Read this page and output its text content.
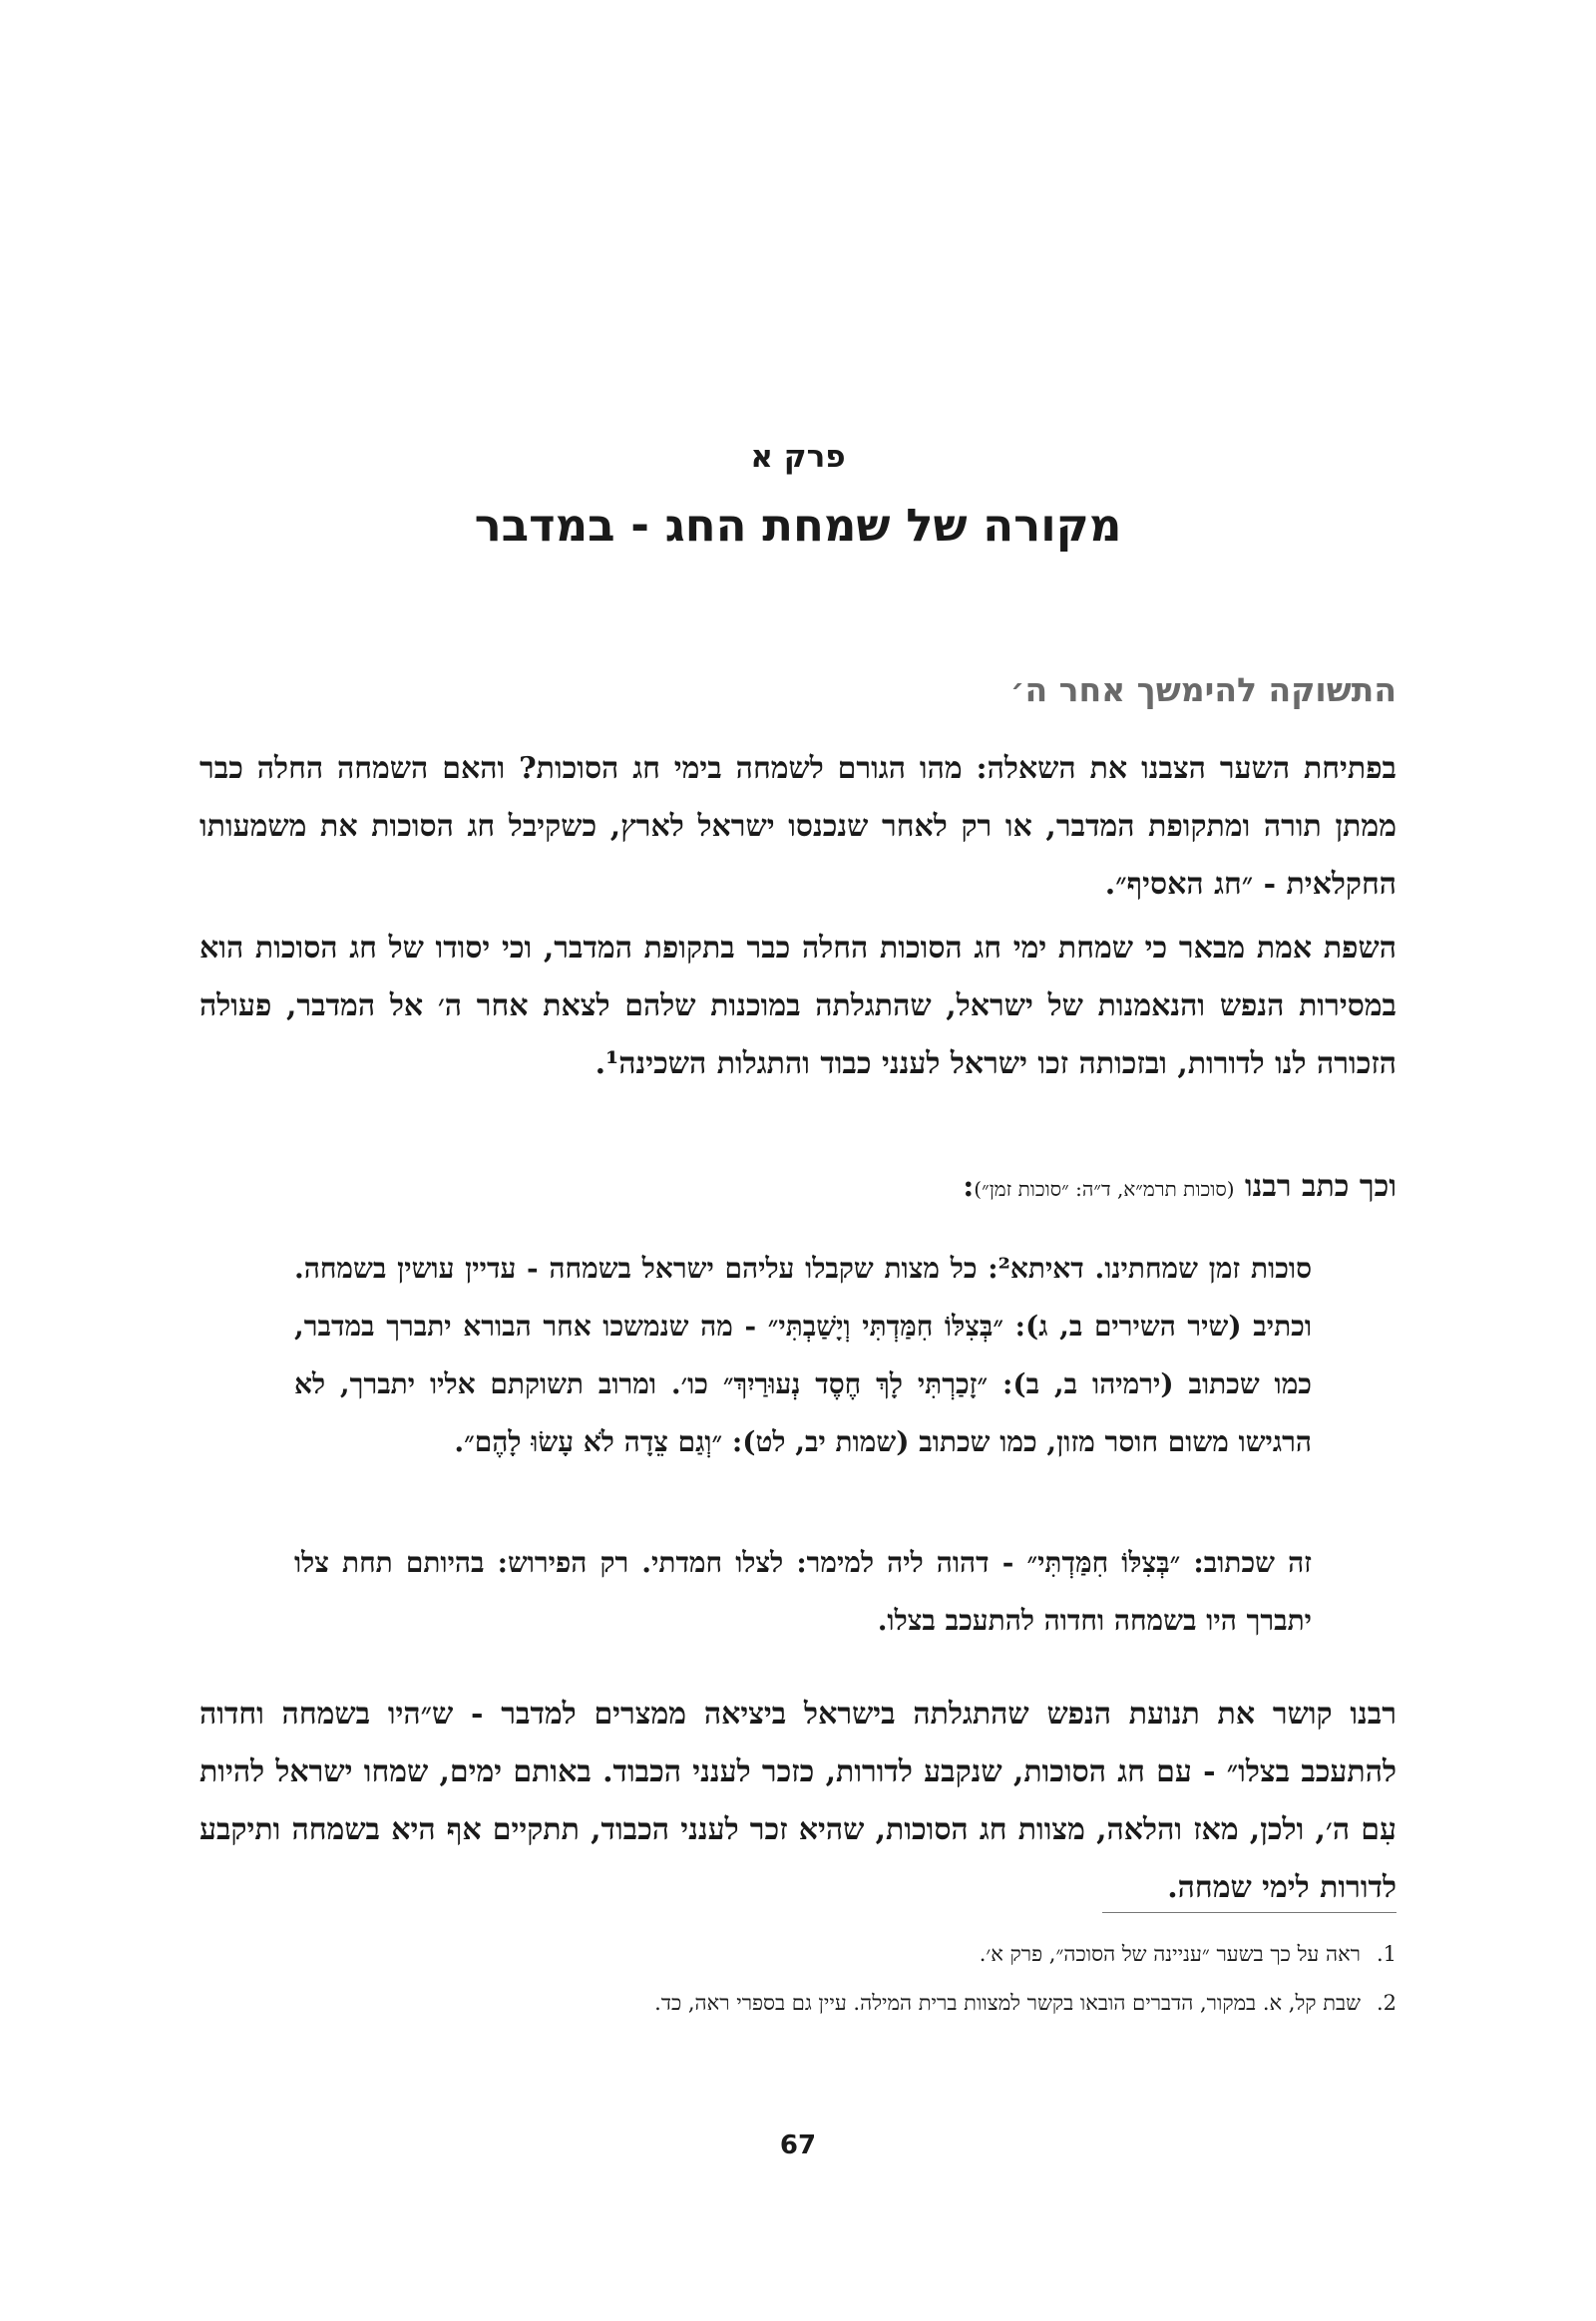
פרק א
מקורה של שמחת החג - במדבר
התשוקה להימשך אחר ה׳
בפתיחת השער הצבנו את השאלה: מהו הגורם לשמחה בימי חג הסוכות? והאם השמחה החלה כבר ממתן תורה ומתקופת המדבר, או רק לאחר שנכנסו ישראל לארץ, כשקיבל חג הסוכות את משמעותו החקלאית - ״חג האסיף״.
השפת אמת מבאר כי שמחת ימי חג הסוכות החלה כבר בתקופת המדבר, וכי יסודו של חג הסוכות הוא במסירות הנפש והנאמנות של ישראל, שהתגלתה במוכנות שלהם לצאת אחר ה׳ אל המדבר, פעולה הזכורה לנו לדורות, ובזכותה זכו ישראל לענני כבוד והתגלות השכינה¹.
וכך כתב רבנו (סוכות תרמ״א, ד״ה: ״סוכות זמן״):
סוכות זמן שמחתינו. דאיתא²: כל מצות שקבלו עליהם ישראל בשמחה - עדיין עושין בשמחה. וכתיב (שיר השירים ב, ג): ״בְּצִלּוֹ חִמַּדְתִּי וְיָשַׁבְתִּי״ - מה שנמשכו אחר הבורא יתברך במדבר, כמו שכתוב (ירמיהו ב, ב): ״זָכַרְתִּי לָךְ חֶסֶד נְעוּרַיִךְ״ כו׳. ומרוב תשוקתם אליו יתברך, לא הרגישו משום חוסר מזון, כמו שכתוב (שמות יב, לט): ״וְגַם צֵדָה לֹא עָשׂוּ לָהֶם״.
זה שכתוב: ״בְּצִלּוֹ חִמַּדְתִּי״ - דהוה ליה למימר: לצלו חמדתי. רק הפירוש: בהיותם תחת צלו יתברך היו בשמחה וחדוה להתעכב בצלו.
רבנו קושר את תנועת הנפש שהתגלתה בישראל ביציאה ממצרים למדבר - ש״היו בשמחה וחדוה להתעכב בצלו״ - עם חג הסוכות, שנקבע לדורות, כזכר לענני הכבוד. באותם ימים, שמחו ישראל להיות עִם ה׳, ולכן, מאז והלאה, מצוות חג הסוכות, שהיא זכר לענני הכבוד, תתקיים אף היא בשמחה ותיקבע לדורות לימי שמחה.
1.ראה על כך בשער ״עניינה של הסוכה״, פרק א׳.
2.שבת קל, א. במקור, הדברים הובאו בקשר למצוות ברית המילה. עיין גם בספרי ראה, כד.
67
